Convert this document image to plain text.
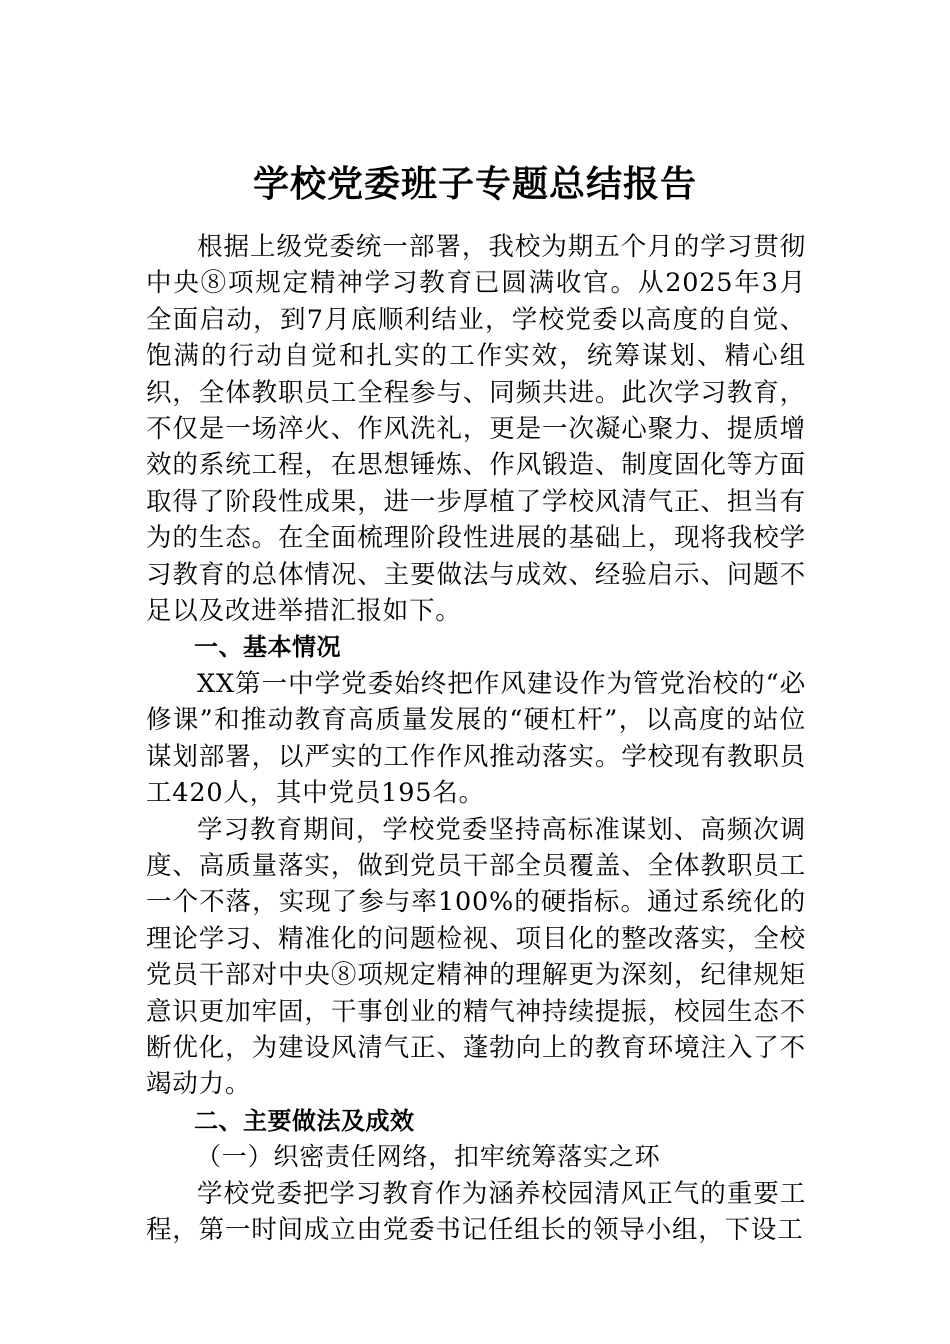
学校党委班子专题总结报告

根据上级党委统一部署，我校为期五个月的学习贯彻中央⑧项规定精神学习教育已圆满收官。从2025年3月全面启动，到7月底顺利结业，学校党委以高度的自觉、饱满的行动自觉和扎实的工作实效，统筹谋划、精心组织，全体教职员工全程参与、同频共进。此次学习教育，不仅是一场淬火、作风洗礼，更是一次凝心聚力、提质增效的系统工程，在思想锤炼、作风锻造、制度固化等方面取得了阶段性成果，进一步厚植了学校风清气正、担当有为的生态。在全面梳理阶段性进展的基础上，现将我校学习教育的总体情况、主要做法与成效、经验启示、问题不足以及改进举措汇报如下。

一、基本情况

XX第一中学党委始终把作风建设作为管党治校的“必修课”和推动教育高质量发展的“硬杠杆”，以高度的站位谋划部署，以严实的工作作风推动落实。学校现有教职员工420人，其中党员195名。

学习教育期间，学校党委坚持高标准谋划、高频次调度、高质量落实，做到党员干部全员覆盖、全体教职员工一个不落，实现了参与率100%的硬指标。通过系统化的理论学习、精准化的问题检视、项目化的整改落实，全校党员干部对中央⑧项规定精神的理解更为深刻，纪律规矩意识更加牢固，干事创业的精气神持续提振，校园生态不断优化，为建设风清气正、蓬勃向上的教育环境注入了不竭动力。

二、主要做法及成效

（一）织密责任网络，扣牢统筹落实之环

学校党委把学习教育作为涵养校园清风正气的重要工程，第一时间成立由党委书记任组长的领导小组，下设工
